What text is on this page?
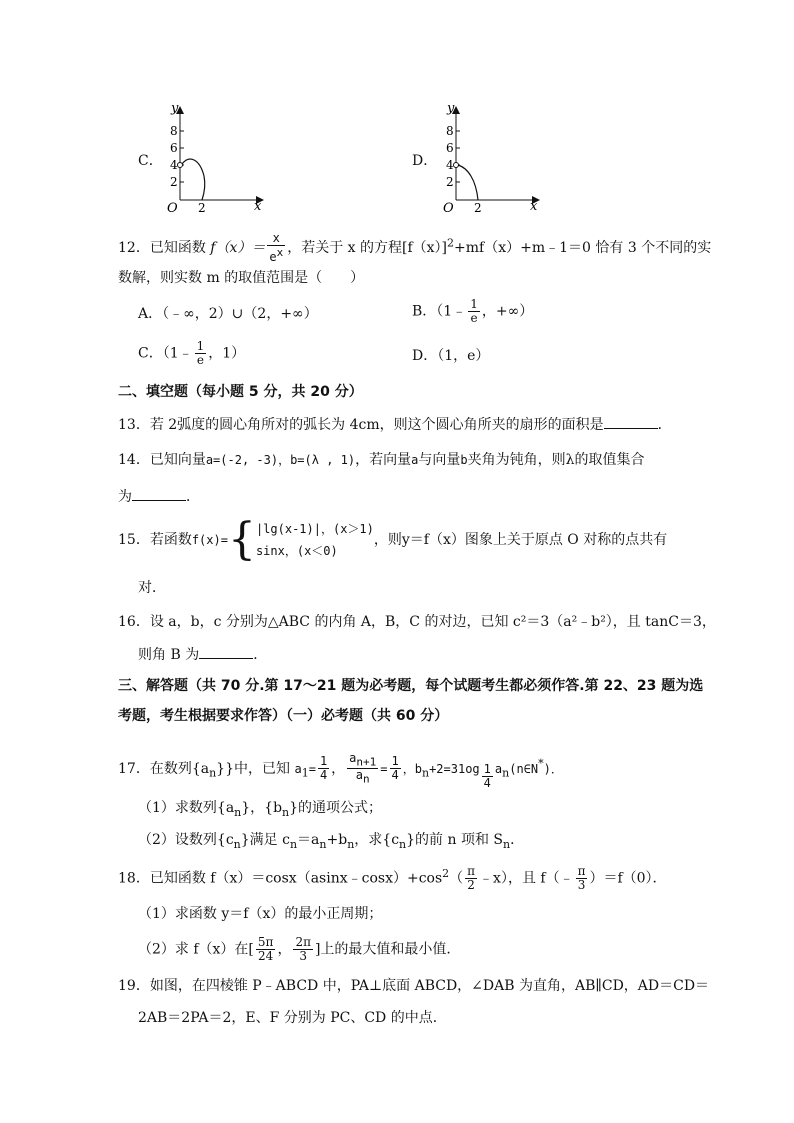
C．
8
6
4
2
y
x
O 2
D．
8
6
4
2
y
x
O 2
12．已知函数 $f(x)= \frac{x}{e^x}$ ，若关于 x 的方程$[f(x)]^2+mf(x)+m﹣1=0$ 恰有 3 个不同的实
数解，则实数 m 的取值范围是（　　）
A．（﹣∞，2）∪（2，+∞）	B．（1﹣ $\frac{1}{e}$ ，+∞）
C．（1﹣ $\frac{1}{e}$ ，1）	D．（1，e）
二、填空题（每小题 5 分，共 20 分）
13．若 2弧度的圆心角所对的弧长为 4cm，则这个圆心角所夹的扇形的面积是	．
14．已知向量a=(-2, -3)，b=(λ , 1)，若向量a与向量b夹角为钝角，则λ的取值集合
为	．
15．若函数f(x)={ |lg(x-1)|，(x＞1)
sinx，(x＜0)
，则y＝f（x）图象上关于原点 O 对称的点共有
对．
16．设 a，b，c 分别为△ABC 的内角 A，B，C 的对边，已知 c²＝3（a²﹣b²），且 tanC＝3，
则角 B 为	．
三、解答题（共 70 分.第 17～21 题为必考题，每个试题考生都必须作答.第 22、23 题为选
考题，考生根据要求作答）（一）必考题（共 60 分）
17．在数列$\{a_n\}$}中，已知 $a_1= \frac{1}{4}$ ， $\frac{a_{n+1}}{a_n} = \frac{1}{4}$ ，$b_n+2=31og \frac{1}{4}$ $a_n(n\in N^*)$．
（1）求数列$\{a_n\}$，$\{b_n\}$的通项公式；
（2）设数列$\{c_n\}$满足 $c_n=a_n+b_n$，求$\{c_n\}$的前 n 项和 $S_n$．
18．已知函数 $f(x)=\cos x(asinx﹣\cos x)+\cos^2( \frac{\pi}{2}$ ﹣x），且 f（﹣ $\frac{\pi}{3} )=f(0)$．
（1）求函数 y＝f（x）的最小正周期；
（2）求 f（x）在[ $\frac{5\pi}{24}$ ， $\frac{2\pi}{3}$ ]上的最大值和最小值．
19．如图，在四棱锥 P﹣ABCD 中，PA⊥底面 ABCD，∠DAB 为直角，AB∥CD，AD＝CD＝
2AB＝2PA＝2，E、F 分别为 PC、CD 的中点．
